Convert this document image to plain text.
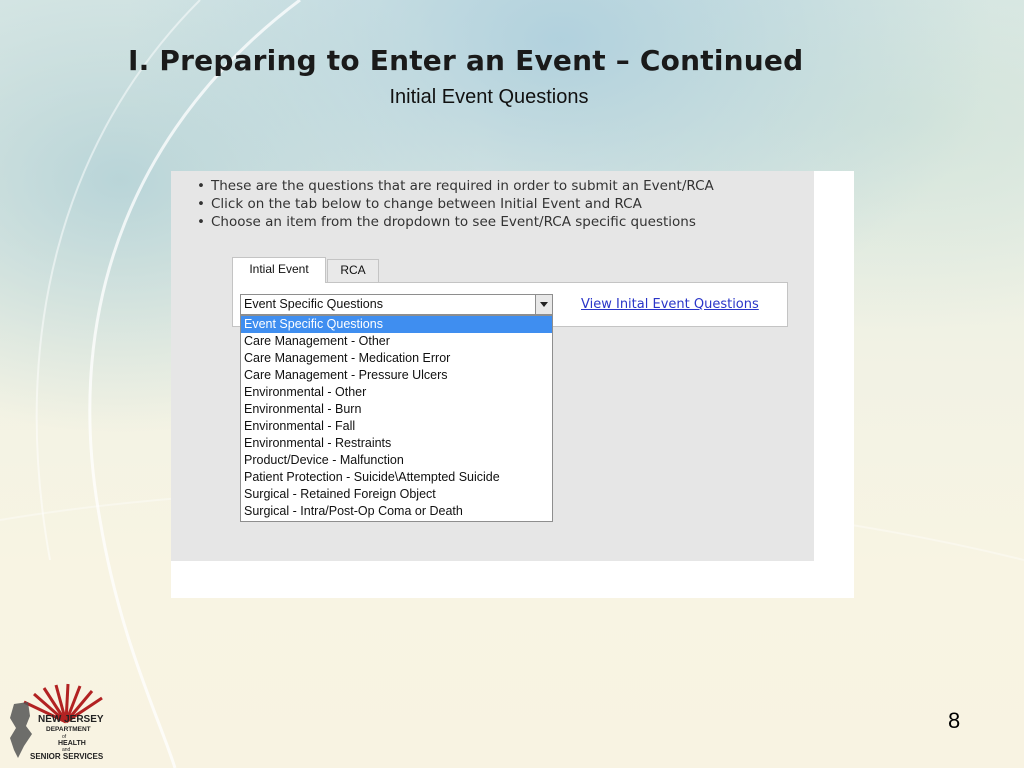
I. Preparing to Enter an Event – Continued
Initial Event Questions
• These are the questions that are required in order to submit an Event/RCA
• Click on the tab below to change between Initial Event and RCA
• Choose an item from the dropdown to see Event/RCA specific questions
Intial Event	RCA
Event Specific Questions	View Inital Event Questions
Event Specific Questions
Care Management - Other
Care Management - Medication Error
Care Management - Pressure Ulcers
Environmental - Other
Environmental - Burn
Environmental - Fall
Environmental - Restraints
Product/Device - Malfunction
Patient Protection - Suicide\Attempted Suicide
Surgical - Retained Foreign Object
Surgical - Intra/Post-Op Coma or Death
NEW JERSEY
DEPARTMENT
of
HEALTH
and
SENIOR SERVICES
8
